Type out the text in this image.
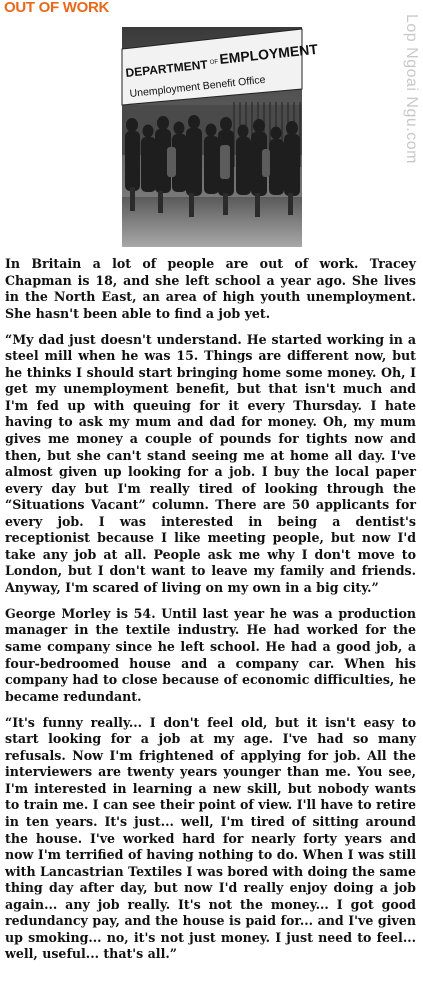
OUT OF WORK
Lop Ngoai Ngu.com
DEPARTMENT OF EMPLOYMENT
Unemployment Benefit Office

In Britain a lot of people are out of work. Tracey Chapman is 18, and she left school a year ago. She lives in the North East, an area of high youth unemployment. She hasn't been able to find a job yet.

“My dad just doesn't understand. He started working in a steel mill when he was 15. Things are different now, but he thinks I should start bringing home some money. Oh, I get my unemployment benefit, but that isn't much and I'm fed up with queuing for it every Thursday. I hate having to ask my mum and dad for money. Oh, my mum gives me money a couple of pounds for tights now and then, but she can't stand seeing me at home all day. I've almost given up looking for a job. I buy the local paper every day but I'm really tired of looking through the “Situations Vacant” column. There are 50 applicants for every job. I was interested in being a dentist's receptionist because I like meeting people, but now I'd take any job at all. People ask me why I don't move to London, but I don't want to leave my family and friends. Anyway, I'm scared of living on my own in a big city.”

George Morley is 54. Until last year he was a production manager in the textile industry. He had worked for the same company since he left school. He had a good job, a four-bedroomed house and a company car. When his company had to close because of economic difficulties, he became redundant.

“It's funny really... I don't feel old, but it isn't easy to start looking for a job at my age. I've had so many refusals. Now I'm frightened of applying for job. All the interviewers are twenty years younger than me. You see, I'm interested in learning a new skill, but nobody wants to train me. I can see their point of view. I'll have to retire in ten years. It's just... well, I'm tired of sitting around the house. I've worked hard for nearly forty years and now I'm terrified of having nothing to do. When I was still with Lancastrian Textiles I was bored with doing the same thing day after day, but now I'd really enjoy doing a job again... any job really. It's not the money... I got good redundancy pay, and the house is paid for... and I've given up smoking... no, it's not just money. I just need to feel... well, useful... that's all.”
